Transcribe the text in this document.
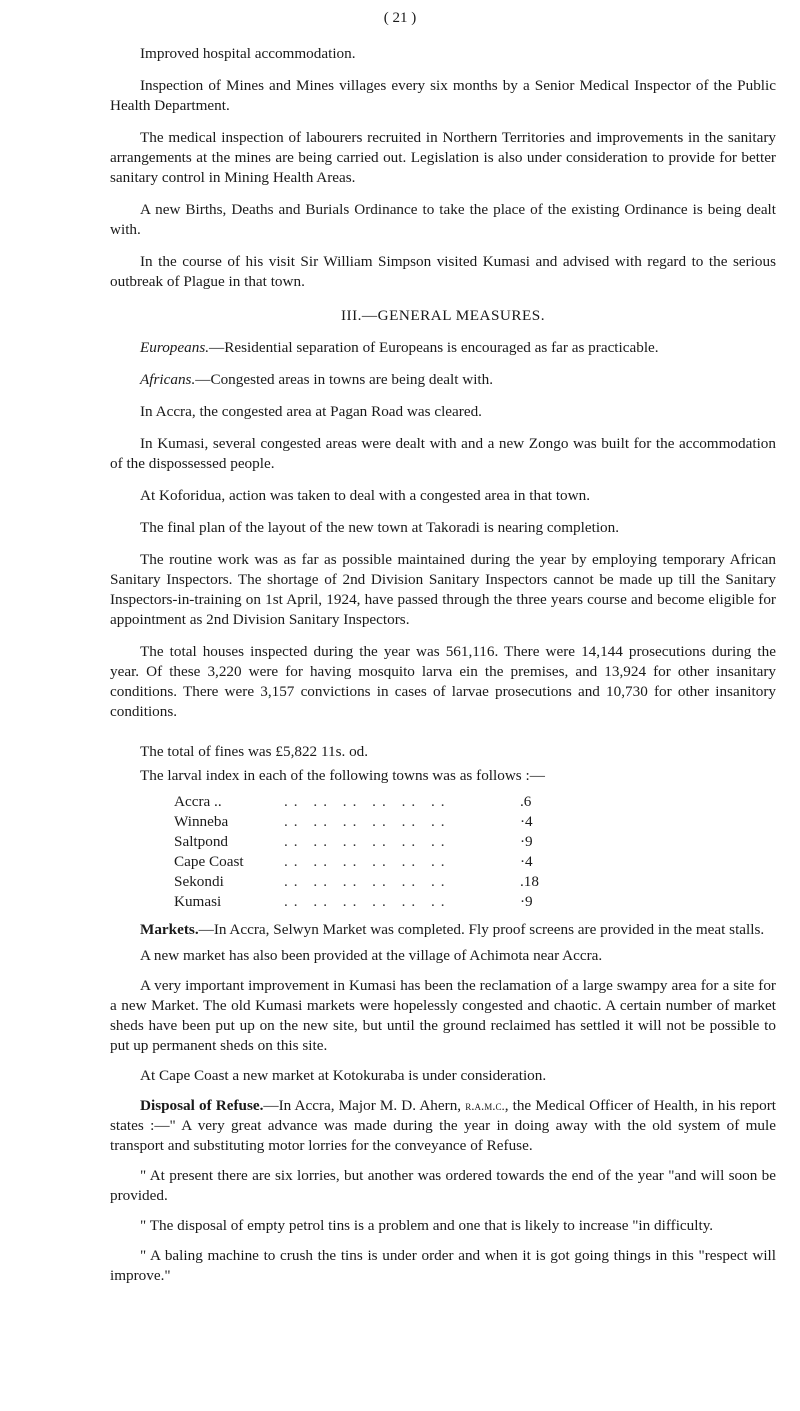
( 21 )

Improved hospital accommodation.

Inspection of Mines and Mines villages every six months by a Senior Medical Inspector of the Public Health Department.

The medical inspection of labourers recruited in Northern Territories and improvements in the sanitary arrangements at the mines are being carried out. Legislation is also under consideration to provide for better sanitary control in Mining Health Areas.

A new Births, Deaths and Burials Ordinance to take the place of the existing Ordinance is being dealt with.

In the course of his visit Sir William Simpson visited Kumasi and advised with regard to the serious outbreak of Plague in that town.

III.—GENERAL MEASURES.

Europeans.—Residential separation of Europeans is encouraged as far as practicable.

Africans.—Congested areas in towns are being dealt with.

In Accra, the congested area at Pagan Road was cleared.

In Kumasi, several congested areas were dealt with and a new Zongo was built for the accommodation of the dispossessed people.

At Koforidua, action was taken to deal with a congested area in that town.

The final plan of the layout of the new town at Takoradi is nearing completion.

The routine work was as far as possible maintained during the year by employing temporary African Sanitary Inspectors. The shortage of 2nd Division Sanitary Inspectors cannot be made up till the Sanitary Inspectors-in-training on 1st April, 1924, have passed through the three years course and become eligible for appointment as 2nd Division Sanitary Inspectors.

The total houses inspected during the year was 561,116. There were 14,144 prosecutions during the year. Of these 3,220 were for having mosquito larva ein the premises, and 13,924 for other insanitary conditions. There were 3,157 convictions in cases of larvae prosecutions and 10,730 for other insanitory conditions.

The total of fines was £5,822 11s. od.

The larval index in each of the following towns was as follows :—

Accra ..	.. .. .. .. .. ..	.6
Winneba	.. .. .. .. .. ..	·4
Saltpond	.. .. .. .. .. ..	·9
Cape Coast	.. .. .. .. .. ..	·4
Sekondi	.. .. .. .. .. ..	.18
Kumasi	.. .. .. .. .. ..	·9

Markets.—In Accra, Selwyn Market was completed. Fly proof screens are provided in the meat stalls.

A new market has also been provided at the village of Achimota near Accra.

A very important improvement in Kumasi has been the reclamation of a large swampy area for a site for a new Market. The old Kumasi markets were hopelessly congested and chaotic. A certain number of market sheds have been put up on the new site, but until the ground reclaimed has settled it will not be possible to put up permanent sheds on this site.

At Cape Coast a new market at Kotokuraba is under consideration.

Disposal of Refuse.—In Accra, Major M. D. Ahern, r.a.m.c., the Medical Officer of Health, in his report states :—" A very great advance was made during the year in doing away with the old system of mule transport and substituting motor lorries for the conveyance of Refuse.

" At present there are six lorries, but another was ordered towards the end of the year "and will soon be provided.

" The disposal of empty petrol tins is a problem and one that is likely to increase "in difficulty.

" A baling machine to crush the tins is under order and when it is got going things in this "respect will improve."
